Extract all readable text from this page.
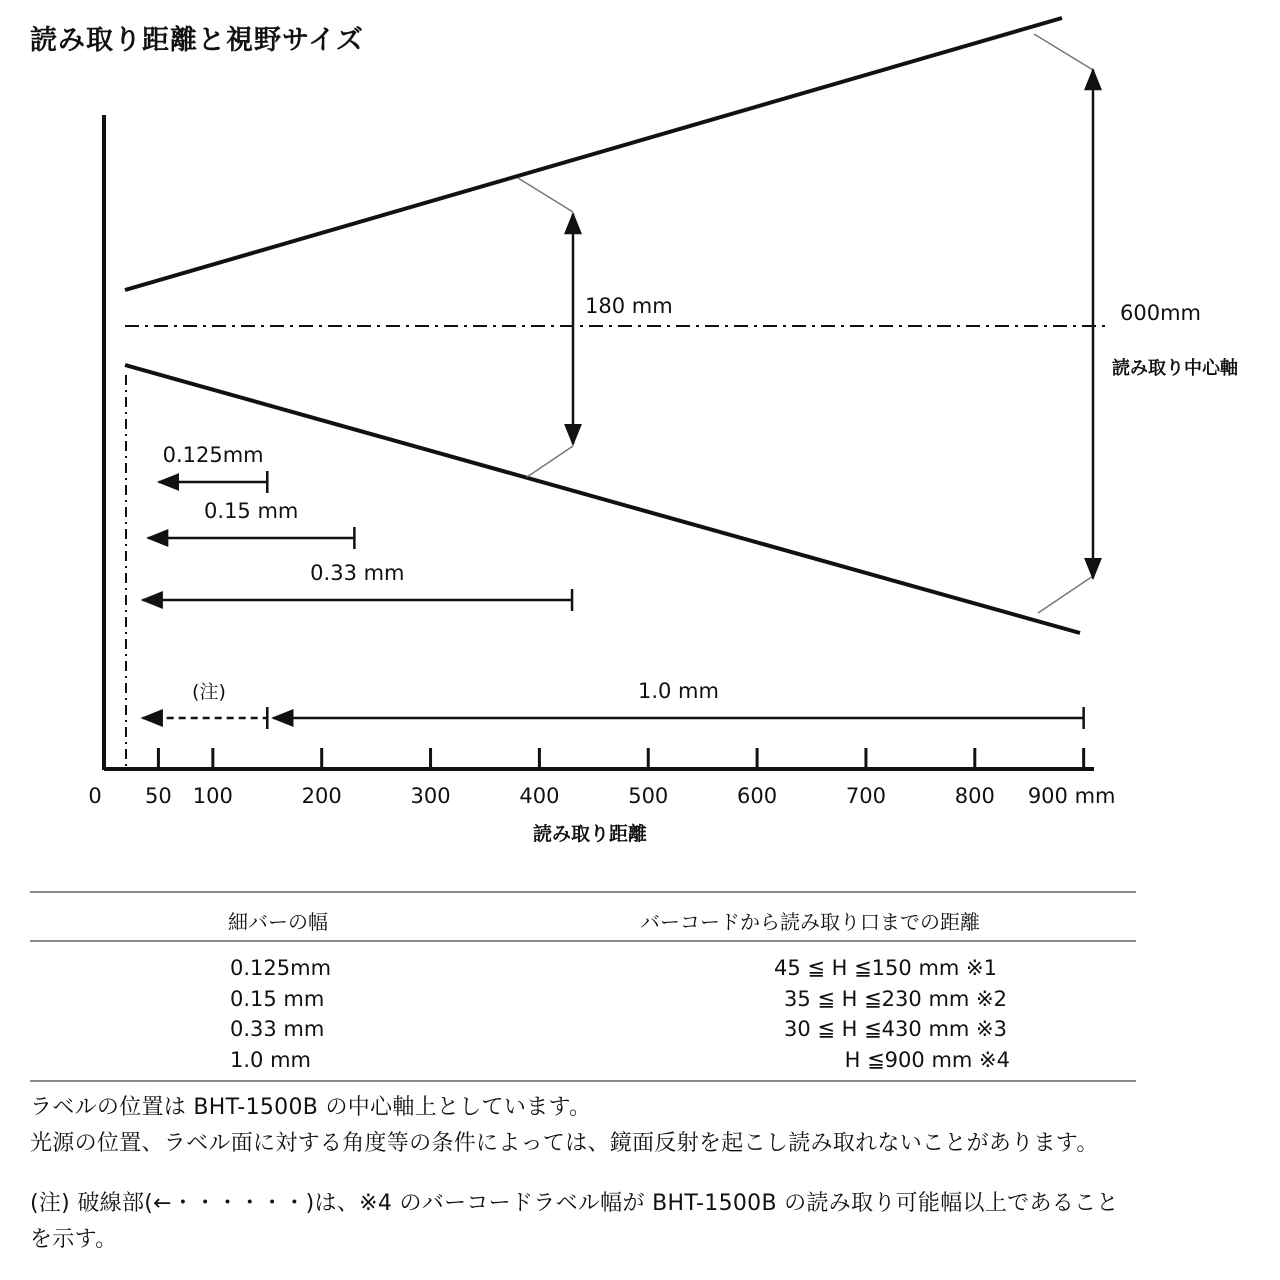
180 mm	600mm
読み取り中心軸
0.125mm
0.15 mm
0.33 mm
1.0 mm
(注)
0 50 100	200	300	400	500	600	700	800 900 mm
読み取り距離
読み取り距離と視野サイズ
細バーの幅	バーコードから読み取り口までの距離
0.125mm	45 ≦ H ≦150 mm ※1
0.15 mm	35 ≦ H ≦230 mm ※2
0.33 mm	30 ≦ H ≦430 mm ※3
1.0 mm	H ≦900 mm ※4
ラベルの位置は BHT-1500B の中心軸上としています。
光源の位置、ラベル面に対する角度等の条件によっては、鏡面反射を起こし読み取れないことがあります。
(注) 破線部(←・・・・・・)は、※4 のバーコードラベル幅が BHT-1500B の読み取り可能幅以上であること
を示す。
